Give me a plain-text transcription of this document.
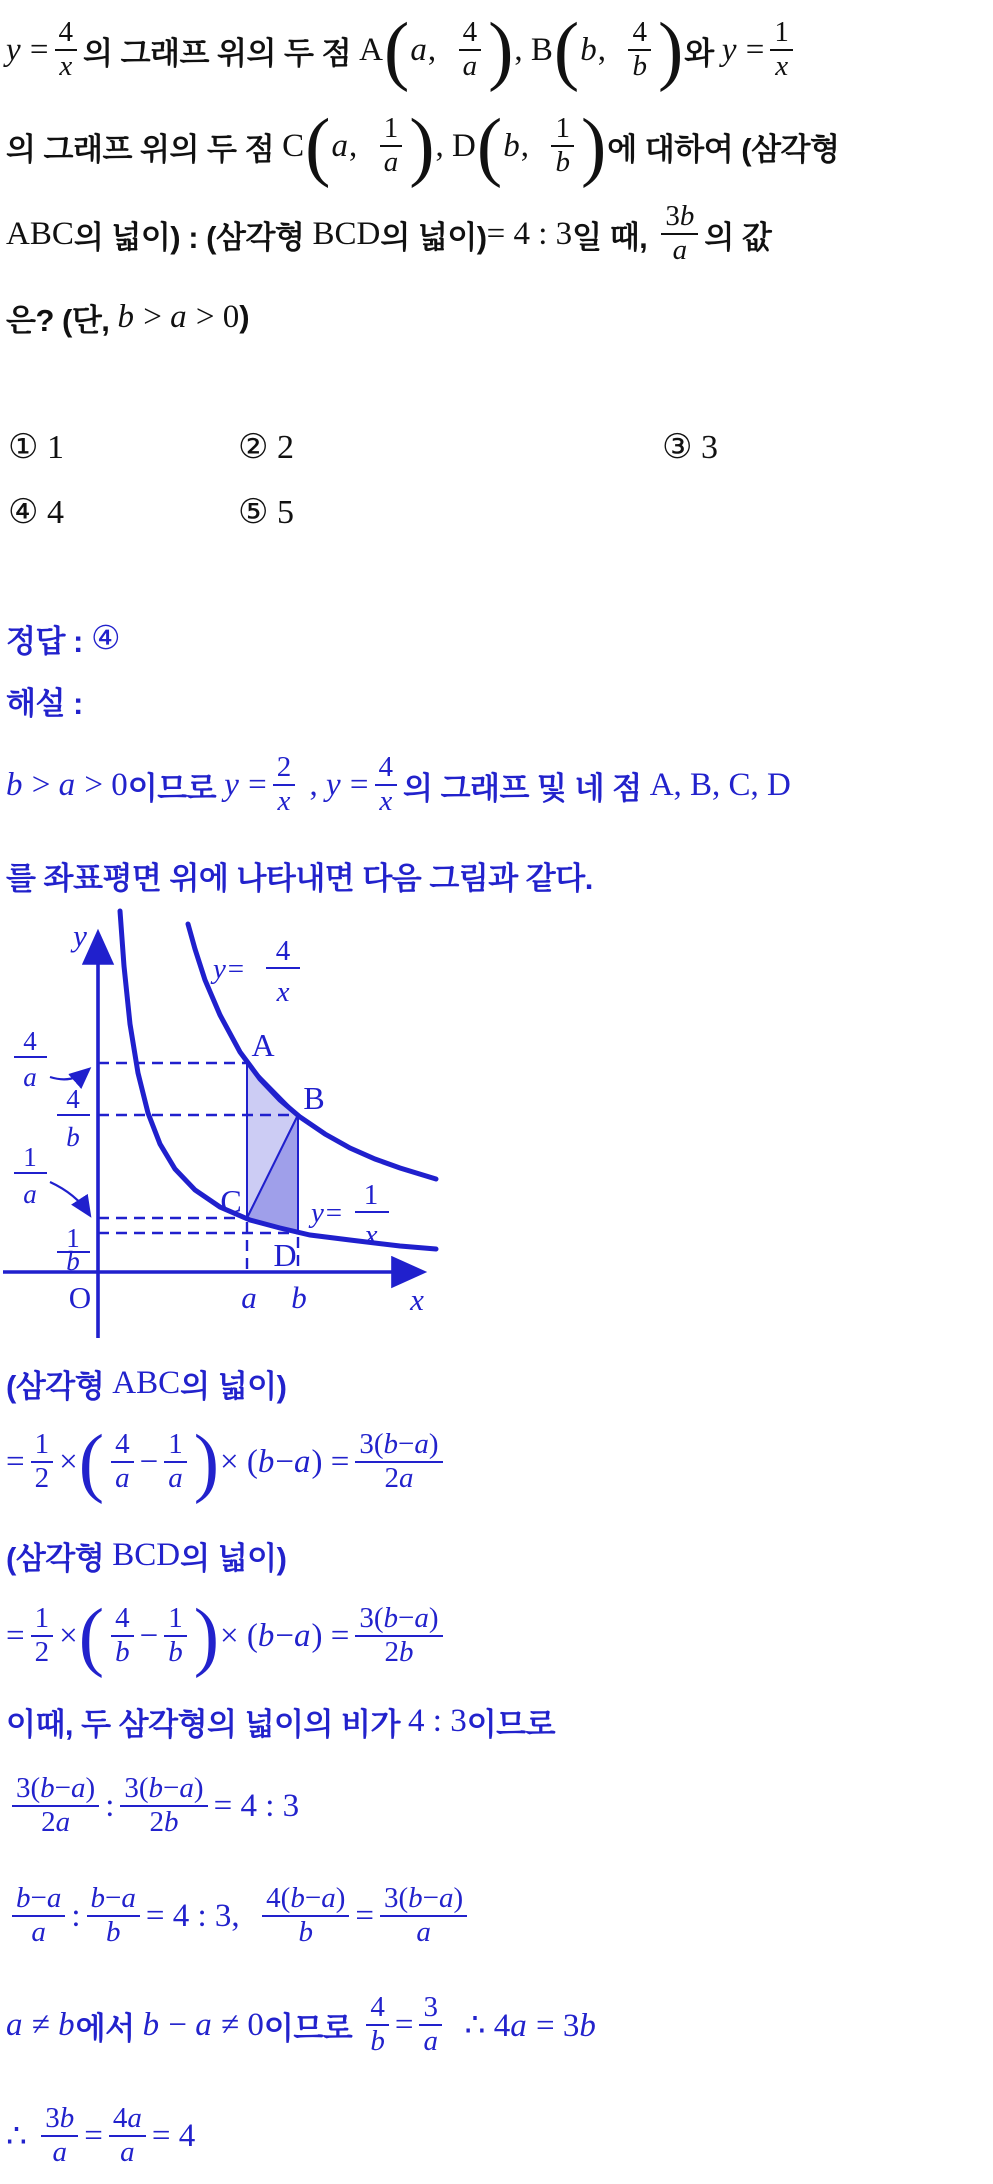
$y = \frac{4}{x}$ 의 그래프 위의 두 점 A ( a, $\frac{4}{a}$ ) , B ( b, $\frac{4}{b}$ ) 와 $y = \frac{1}{x}$
의 그래프 위의 두 점 C ( a, $\frac{1}{a}$ ) , D ( b, $\frac{1}{b}$ ) 에 대하여 (삼각형
ABC 의 넓이) : (삼각형 BCD 의 넓이) = 4 : 3 일 때, $\frac{3b}{a}$ 의 값
은? (단, b > a > 0 )
① 1	② 2	③ 3
④ 4	⑤ 5
정답 : ④
해설 :
b > a > 0 이므로 $y = \frac{2}{x}$ , $y = \frac{4}{x}$ 의 그래프 및 네 점 A, B, C, D
를 좌표평면 위에 나타내면 다음 그림과 같다.
4
a
4
b
1
a
1
b
y=
4
x
y=
1
x
A
B
C
D
y
x
O	a b
(삼각형 ABC 의 넓이)
= $\frac{1}{2}$ × ( $\frac{4}{a} - \frac{1}{a}$ ) × $(b-a) = \frac{3(b-a)}{2a}$
(삼각형 BCD 의 넓이)
= $\frac{1}{2}$ × ( $\frac{4}{b} - \frac{1}{b}$ ) × $(b-a) = \frac{3(b-a)}{2b}$
이때, 두 삼각형의 넓이의 비가 4 : 3 이므로
$\frac{3(b-a)}{2a}$ : $\frac{3(b-a)}{2b} = 4$ : 3
$\frac{b-a}{a}$ : $\frac{b-a}{b} = 4$ : 3, $\frac{4(b-a)}{b} = \frac{3(b-a)}{a}$
a ≠ b 에서 b − a ≠ 0 이므로 $\frac{4}{b} = \frac{3}{a}$ ∴ 4a = 3b
∴ $\frac{3b}{a} = \frac{4a}{a} = 4$
